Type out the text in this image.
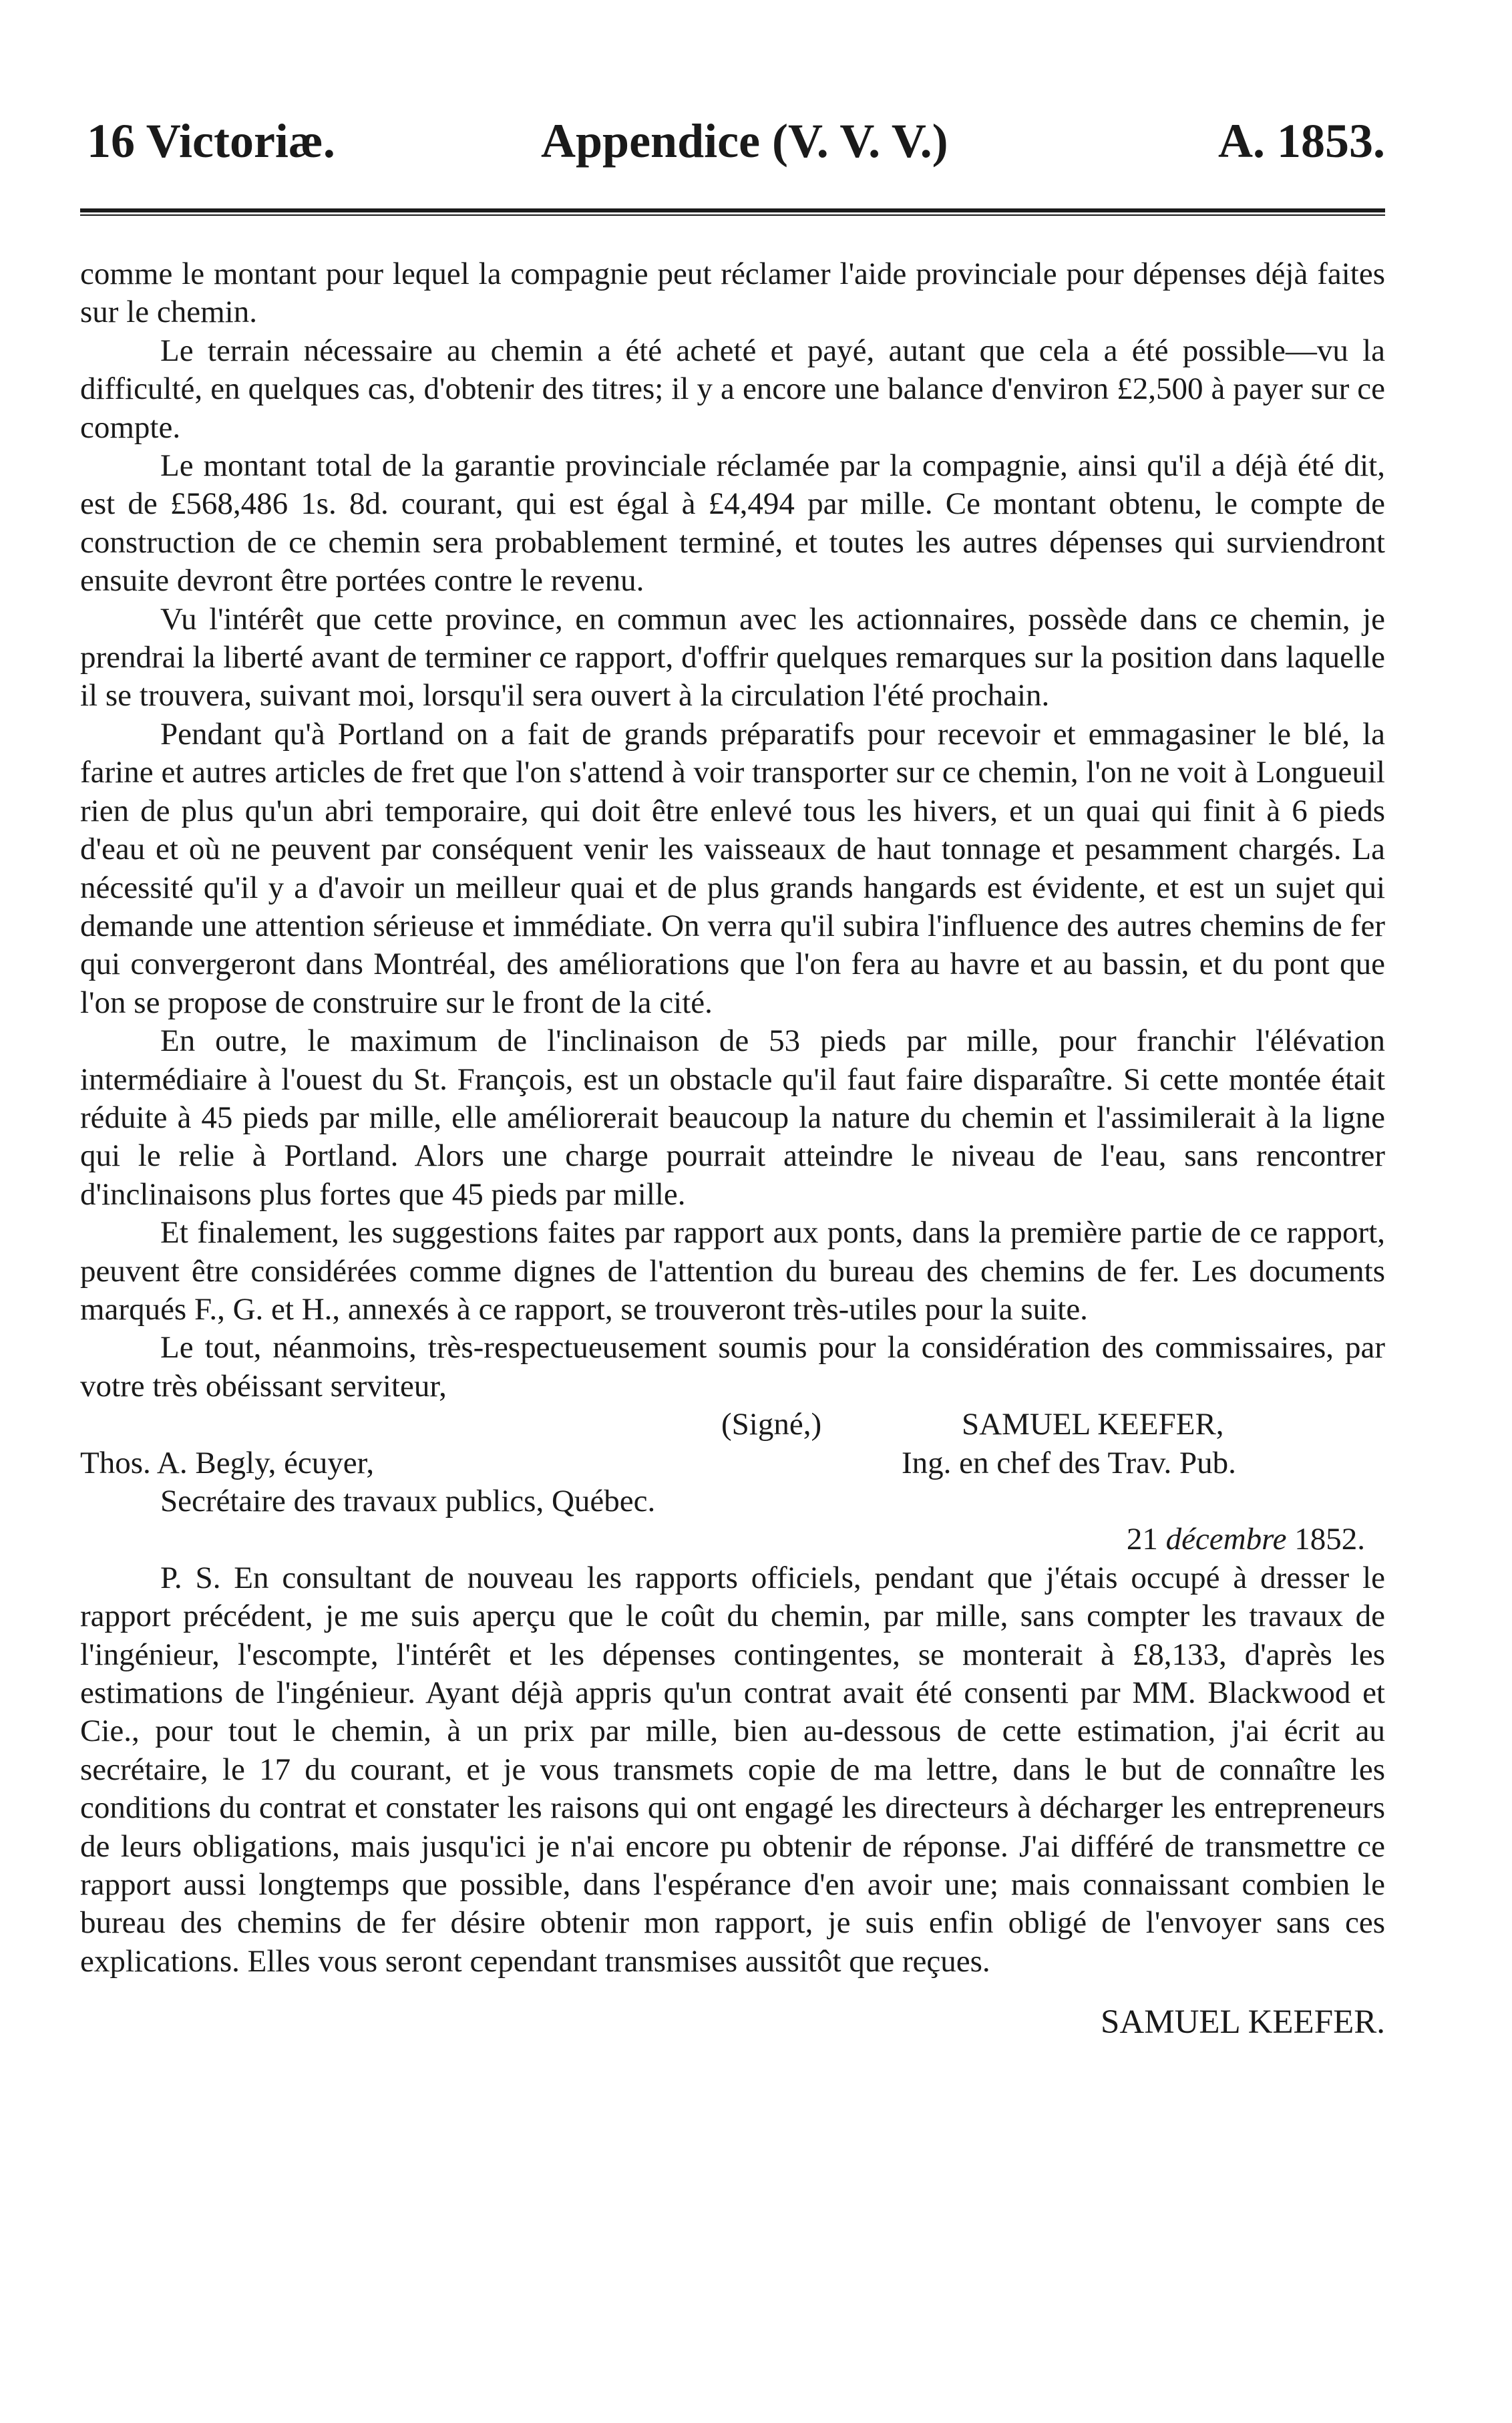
16 Victoriæ.	Appendice (V. V. V.)	A. 1853.

comme le montant pour lequel la compagnie peut réclamer l'aide provinciale pour dépenses déjà faites sur le chemin.

Le terrain nécessaire au chemin a été acheté et payé, autant que cela a été possible—vu la difficulté, en quelques cas, d'obtenir des titres; il y a encore une balance d'environ £2,500 à payer sur ce compte.

Le montant total de la garantie provinciale réclamée par la compagnie, ainsi qu'il a déjà été dit, est de £568,486 1s. 8d. courant, qui est égal à £4,494 par mille. Ce montant obtenu, le compte de construction de ce chemin sera probablement terminé, et toutes les autres dépenses qui surviendront ensuite devront être portées contre le revenu.

Vu l'intérêt que cette province, en commun avec les actionnaires, possède dans ce chemin, je prendrai la liberté avant de terminer ce rapport, d'offrir quelques remarques sur la position dans laquelle il se trouvera, suivant moi, lorsqu'il sera ouvert à la circulation l'été prochain.

Pendant qu'à Portland on a fait de grands préparatifs pour recevoir et emmagasiner le blé, la farine et autres articles de fret que l'on s'attend à voir transporter sur ce chemin, l'on ne voit à Longueuil rien de plus qu'un abri temporaire, qui doit être enlevé tous les hivers, et un quai qui finit à 6 pieds d'eau et où ne peuvent par conséquent venir les vaisseaux de haut tonnage et pesamment chargés. La nécessité qu'il y a d'avoir un meilleur quai et de plus grands hangards est évidente, et est un sujet qui demande une attention sérieuse et immédiate. On verra qu'il subira l'influence des autres chemins de fer qui convergeront dans Montréal, des améliorations que l'on fera au havre et au bassin, et du pont que l'on se propose de construire sur le front de la cité.

En outre, le maximum de l'inclinaison de 53 pieds par mille, pour franchir l'élévation intermédiaire à l'ouest du St. François, est un obstacle qu'il faut faire disparaître. Si cette montée était réduite à 45 pieds par mille, elle améliorerait beaucoup la nature du chemin et l'assimilerait à la ligne qui le relie à Portland. Alors une charge pourrait atteindre le niveau de l'eau, sans rencontrer d'inclinaisons plus fortes que 45 pieds par mille.

Et finalement, les suggestions faites par rapport aux ponts, dans la première partie de ce rapport, peuvent être considérées comme dignes de l'attention du bureau des chemins de fer. Les documents marqués F., G. et H., annexés à ce rapport, se trouveront très-utiles pour la suite.

Le tout, néanmoins, très-respectueusement soumis pour la considération des commissaires, par votre très obéissant serviteur,

(Signé,)	SAMUEL KEEFER,
Thos. A. Begly, écuyer,	Ing. en chef des Trav. Pub.
Secrétaire des travaux publics, Québec.
21 décembre 1852.

P. S. En consultant de nouveau les rapports officiels, pendant que j'étais occupé à dresser le rapport précédent, je me suis aperçu que le coût du chemin, par mille, sans compter les travaux de l'ingénieur, l'escompte, l'intérêt et les dépenses contingentes, se monterait à £8,133, d'après les estimations de l'ingénieur. Ayant déjà appris qu'un contrat avait été consenti par MM. Blackwood et Cie., pour tout le chemin, à un prix par mille, bien au-dessous de cette estimation, j'ai écrit au secrétaire, le 17 du courant, et je vous transmets copie de ma lettre, dans le but de connaître les conditions du contrat et constater les raisons qui ont engagé les directeurs à décharger les entrepreneurs de leurs obligations, mais jusqu'ici je n'ai encore pu obtenir de réponse. J'ai différé de transmettre ce rapport aussi longtemps que possible, dans l'espérance d'en avoir une; mais connaissant combien le bureau des chemins de fer désire obtenir mon rapport, je suis enfin obligé de l'envoyer sans ces explications. Elles vous seront cependant transmises aussitôt que reçues.

SAMUEL KEEFER.
